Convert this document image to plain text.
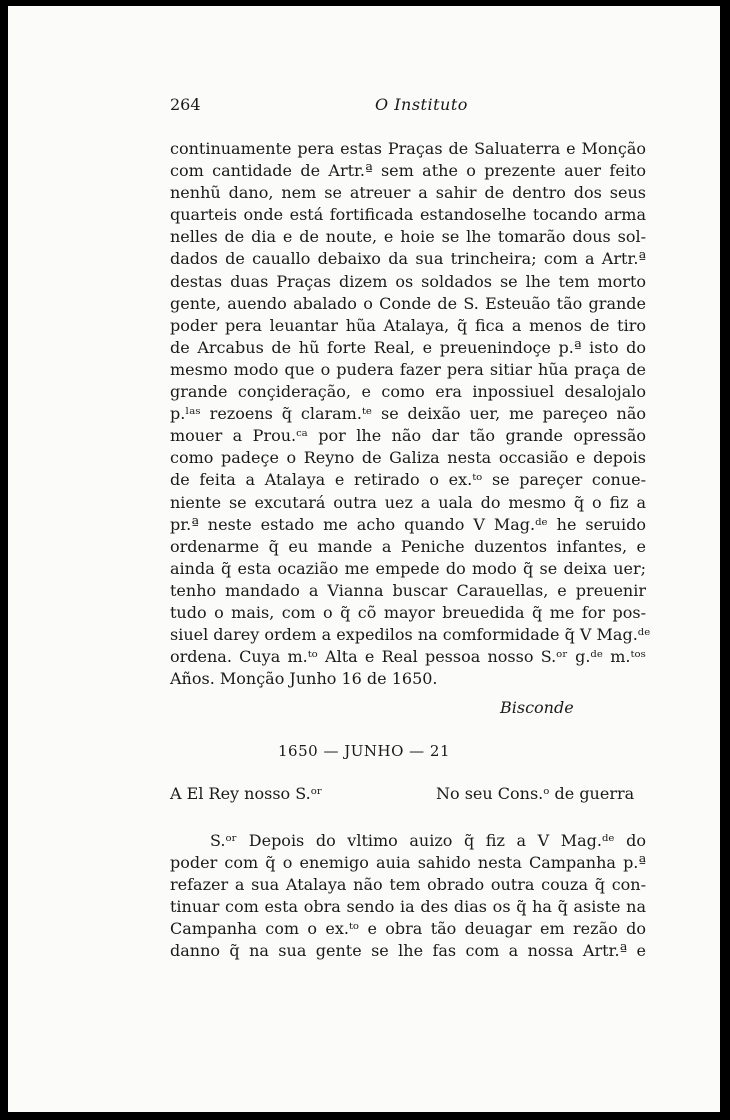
264	O Instituto
continuamente pera estas Praças de Saluaterra e Monção
com cantidade de Artr.ª sem athe o prezente auer feito
nenhũ dano, nem se atreuer a sahir de dentro dos seus
quarteis onde está fortificada estandoselhe tocando arma
nelles de dia e de noute, e hoie se lhe tomarão dous sol-
dados de cauallo debaixo da sua trincheira; com a Artr.ª
destas duas Praças dizem os soldados se lhe tem morto
gente, auendo abalado o Conde de S. Esteuão tão grande
poder pera leuantar hũa Atalaya, q̃ fica a menos de tiro
de Arcabus de hũ forte Real, e preuenindoçe p.ª isto do
mesmo modo que o pudera fazer pera sitiar hũa praça de
grande conçideração, e como era inpossiuel desalojalo
p.ˡᵃˢ rezoens q̃ claram.ᵗᵉ se deixão uer, me pareçeo não
mouer a Prou.ᶜᵃ por lhe não dar tão grande opressão
como padeçe o Reyno de Galiza nesta occasião e depois
de feita a Atalaya e retirado o ex.ᵗᵒ se pareçer conue-
niente se excutará outra uez a uala do mesmo q̃ o fiz a
pr.ª neste estado me acho quando V Mag.ᵈᵉ he seruido
ordenarme q̃ eu mande a Peniche duzentos infantes, e
ainda q̃ esta ocazião me empede do modo q̃ se deixa uer;
tenho mandado a Vianna buscar Carauellas, e preuenir
tudo o mais, com o q̃ cõ mayor breuedida q̃ me for pos-
siuel darey ordem a expedilos na comformidade q̃ V Mag.ᵈᵉ
ordena. Cuya m.ᵗᵒ Alta e Real pessoa nosso S.ᵒʳ g.ᵈᵉ m.ᵗᵒˢ
Años. Monção Junho 16 de 1650.
Bisconde
1650 — JUNHO — 21
A El Rey nosso S.ᵒʳ	No seu Cons.ᵒ de guerra
S.ᵒʳ Depois do vltimo auizo q̃ fiz a V Mag.ᵈᵉ do
poder com q̃ o enemigo auia sahido nesta Campanha p.ª
refazer a sua Atalaya não tem obrado outra couza q̃ con-
tinuar com esta obra sendo ia des dias os q̃ ha q̃ asiste na
Campanha com o ex.ᵗᵒ e obra tão deuagar em rezão do
danno q̃ na sua gente se lhe fas com a nossa Artr.ª e
